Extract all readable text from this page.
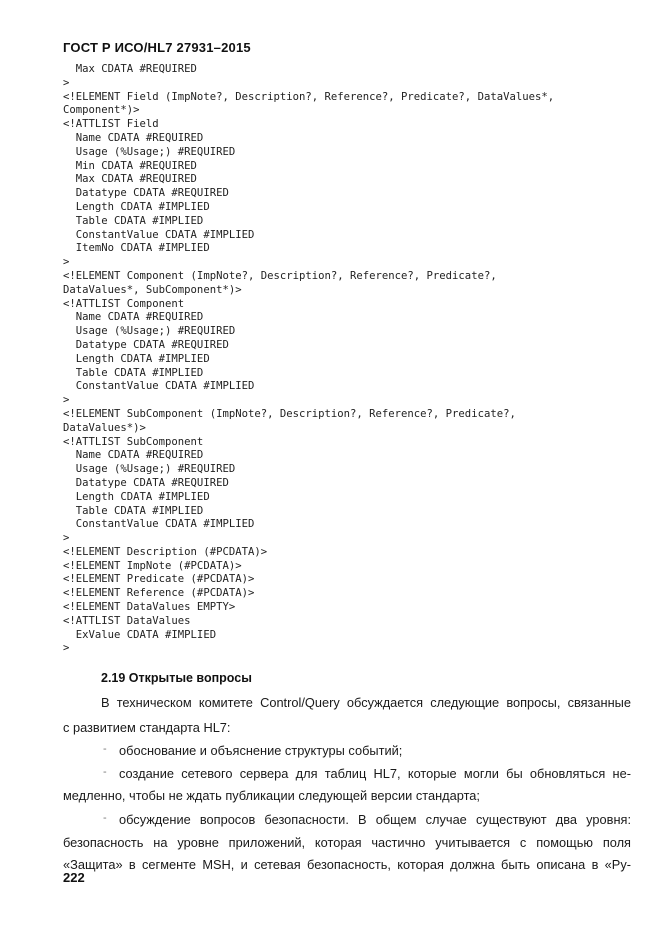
ГОСТ Р ИСО/HL7 27931–2015
Max CDATA #REQUIRED
>
<!ELEMENT Field (ImpNote?, Description?, Reference?, Predicate?, DataValues*,
Component*)>
<!ATTLIST Field
Name CDATA #REQUIRED
Usage (%Usage;) #REQUIRED
Min CDATA #REQUIRED
Max CDATA #REQUIRED
Datatype CDATA #REQUIRED
Length CDATA #IMPLIED
Table CDATA #IMPLIED
ConstantValue CDATA #IMPLIED
ItemNo CDATA #IMPLIED
>
<!ELEMENT Component (ImpNote?, Description?, Reference?, Predicate?,
DataValues*, SubComponent*)>
<!ATTLIST Component
Name CDATA #REQUIRED
Usage (%Usage;) #REQUIRED
Datatype CDATA #REQUIRED
Length CDATA #IMPLIED
Table CDATA #IMPLIED
ConstantValue CDATA #IMPLIED
>
<!ELEMENT SubComponent (ImpNote?, Description?, Reference?, Predicate?,
DataValues*)>
<!ATTLIST SubComponent
Name CDATA #REQUIRED
Usage (%Usage;) #REQUIRED
Datatype CDATA #REQUIRED
Length CDATA #IMPLIED
Table CDATA #IMPLIED
ConstantValue CDATA #IMPLIED
>
<!ELEMENT Description (#PCDATA)>
<!ELEMENT ImpNote (#PCDATA)>
<!ELEMENT Predicate (#PCDATA)>
<!ELEMENT Reference (#PCDATA)>
<!ELEMENT DataValues EMPTY>
<!ATTLIST DataValues
ExValue CDATA #IMPLIED
>
2.19 Открытые вопросы
В техническом комитете Control/Query обсуждается следующие вопросы, связанные
с развитием стандарта HL7:
- обоснование и объяснение структуры событий;
- создание сетевого сервера для таблиц HL7, которые могли бы обновляться не-
медленно, чтобы не ждать публикации следующей версии стандарта;
- обсуждение вопросов безопасности. В общем случае существуют два уровня:
безопасность на уровне приложений, которая частично учитывается с помощью поля
«Защита» в сегменте MSH, и сетевая безопасность, которая должна быть описана в «Ру-
222
